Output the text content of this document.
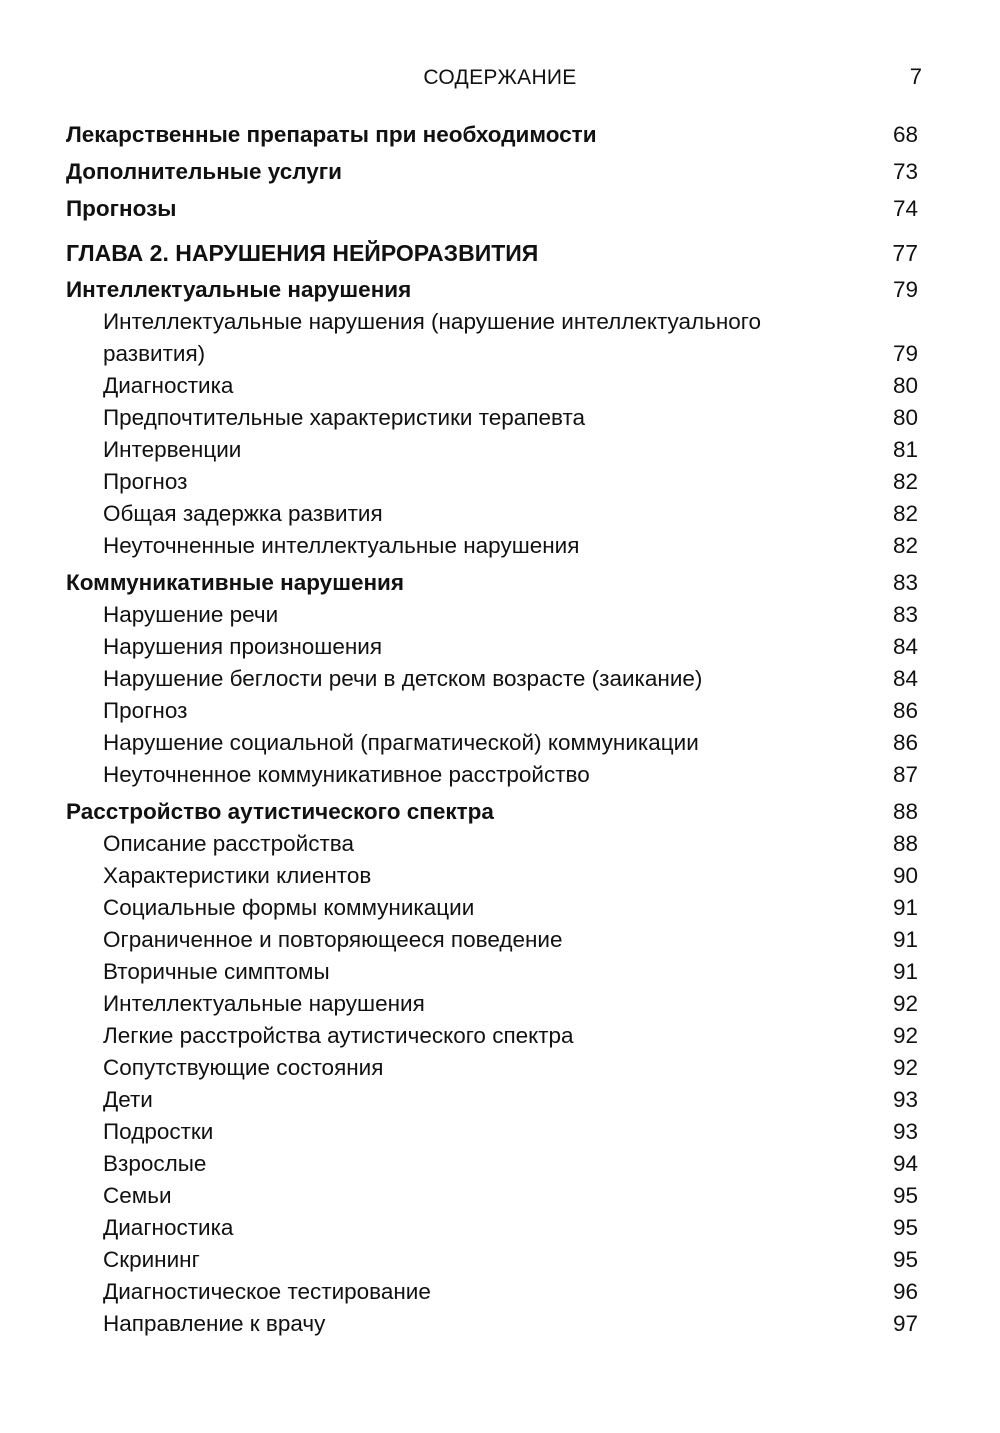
СОДЕРЖАНИЕ	7
Лекарственные препараты при необходимости	68
Дополнительные услуги	73
Прогнозы	74
ГЛАВА 2. НАРУШЕНИЯ НЕЙРОРАЗВИТИЯ	77
Интеллектуальные нарушения	79
Интеллектуальные нарушения (нарушение интеллектуального развития)	79
Диагностика	80
Предпочтительные характеристики терапевта	80
Интервенции	81
Прогноз	82
Общая задержка развития	82
Неуточненные интеллектуальные нарушения	82
Коммуникативные нарушения	83
Нарушение речи	83
Нарушения произношения	84
Нарушение беглости речи в детском возрасте (заикание)	84
Прогноз	86
Нарушение социальной (прагматической) коммуникации	86
Неуточненное коммуникативное расстройство	87
Расстройство аутистического спектра	88
Описание расстройства	88
Характеристики клиентов	90
Социальные формы коммуникации	91
Ограниченное и повторяющееся поведение	91
Вторичные симптомы	91
Интеллектуальные нарушения	92
Легкие расстройства аутистического спектра	92
Сопутствующие состояния	92
Дети	93
Подростки	93
Взрослые	94
Семьи	95
Диагностика	95
Скрининг	95
Диагностическое тестирование	96
Направление к врачу	97
